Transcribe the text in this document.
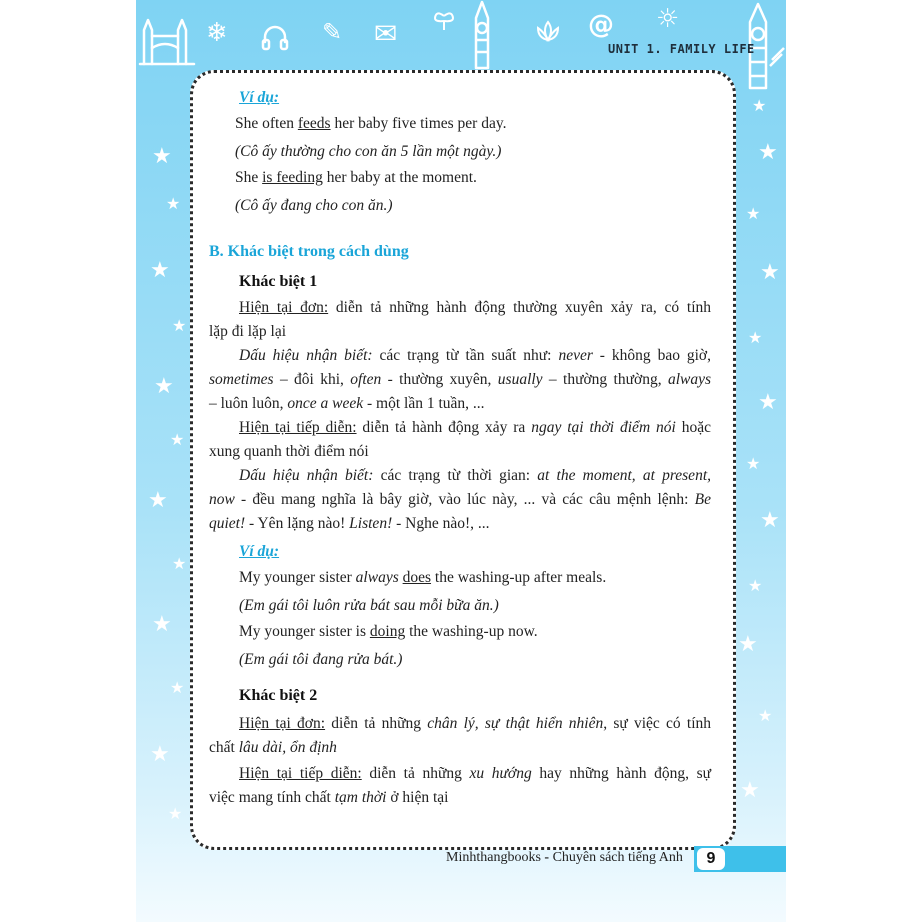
★
★
★
★
★
★
★
★
★
★
★
★
★
★
★
★
★
★
★
★
★
★
★
★
❄	✎ ✉	@ ☼
UNIT 1. FAMILY LIFE
Ví dụ:
She often feeds her baby five times per day.
(Cô ấy thường cho con ăn 5 lần một ngày.)
She is feeding her baby at the moment.
(Cô ấy đang cho con ăn.)
B. Khác biệt trong cách dùng
Khác biệt 1
Hiện tại đơn: diễn tả những hành động thường xuyên xảy ra, có tính
lặp đi lặp lại
Dấu hiệu nhận biết: các trạng từ tần suất như: never - không bao giờ,
sometimes – đôi khi, often - thường xuyên, usually – thường thường, always
– luôn luôn, once a week - một lần 1 tuần, ...
Hiện tại tiếp diễn: diễn tả hành động xảy ra ngay tại thời điểm nói hoặc
xung quanh thời điểm nói
Dấu hiệu nhận biết: các trạng từ thời gian: at the moment, at present,
now - đều mang nghĩa là bây giờ, vào lúc này, ... và các câu mệnh lệnh: Be
quiet! - Yên lặng nào! Listen! - Nghe nào!, ...
Ví dụ:
My younger sister always does the washing-up after meals.
(Em gái tôi luôn rửa bát sau mỗi bữa ăn.)
My younger sister is doing the washing-up now.
(Em gái tôi đang rửa bát.)
Khác biệt 2
Hiện tại đơn: diễn tả những chân lý, sự thật hiển nhiên, sự việc có tính
chất lâu dài, ổn định
Hiện tại tiếp diễn: diễn tả những xu hướng hay những hành động, sự
việc mang tính chất tạm thời ở hiện tại
Minhthangbooks - Chuyên sách tiếng Anh	9
